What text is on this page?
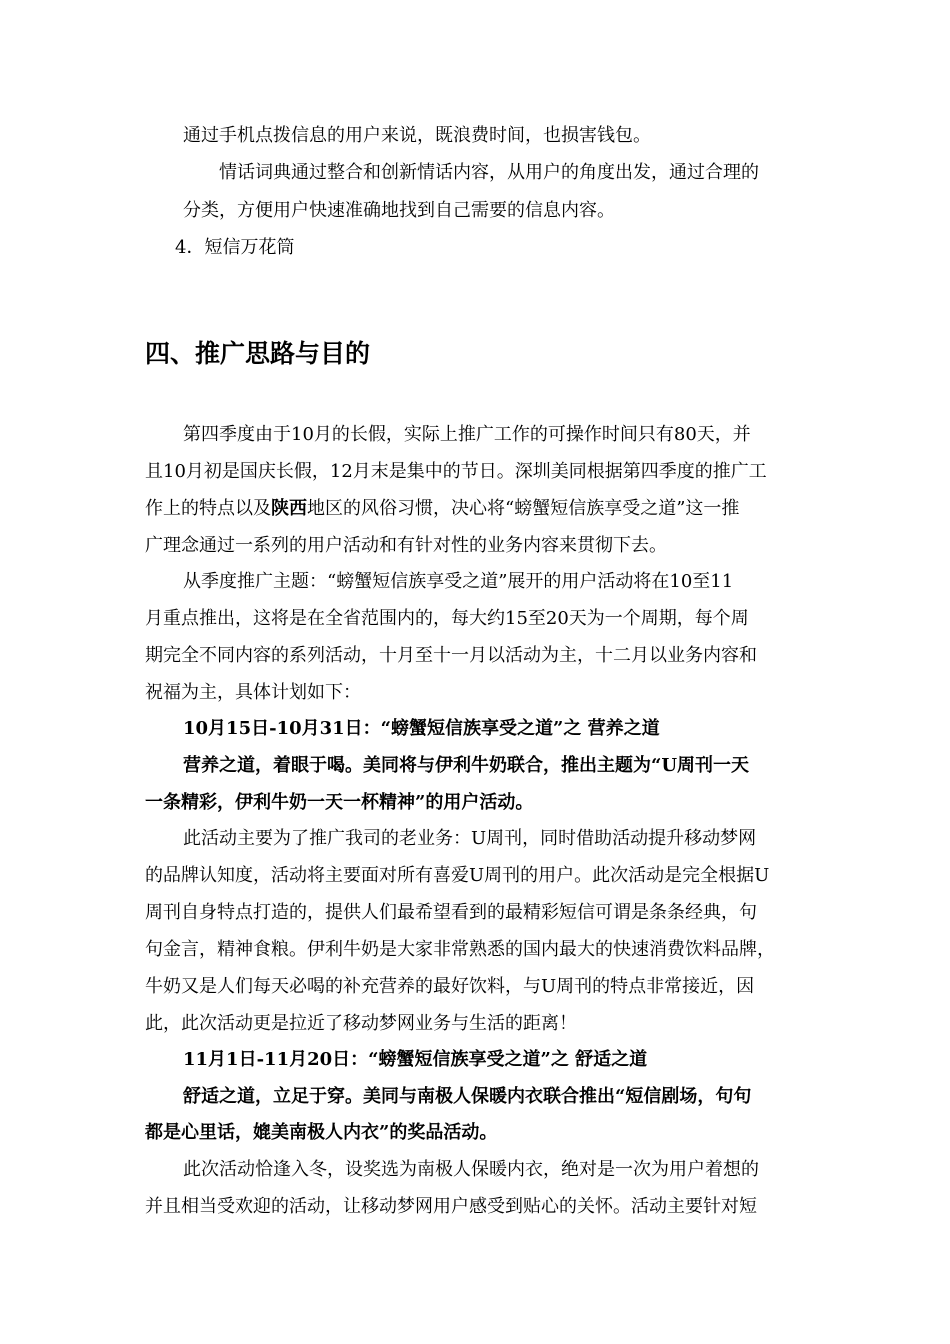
通过手机点拨信息的用户来说，既浪费时间，也损害钱包。
情话词典通过整合和创新情话内容，从用户的角度出发，通过合理的
分类，方便用户快速准确地找到自己需要的信息内容。
4．短信万花筒
四、推广思路与目的
第四季度由于10月的长假，实际上推广工作的可操作时间只有80天，并
且10月初是国庆长假，12月末是集中的节日。深圳美同根据第四季度的推广工
作上的特点以及陕西地区的风俗习惯，决心将“螃蟹短信族享受之道”这一推
广理念通过一系列的用户活动和有针对性的业务内容来贯彻下去。
从季度推广主题：“螃蟹短信族享受之道”展开的用户活动将在10至11
月重点推出，这将是在全省范围内的，每大约15至20天为一个周期，每个周
期完全不同内容的系列活动，十月至十一月以活动为主，十二月以业务内容和
祝福为主，具体计划如下：
10月15日-10月31日：“螃蟹短信族享受之道”之 营养之道
营养之道，着眼于喝。美同将与伊利牛奶联合，推出主题为“U周刊一天
一条精彩，伊利牛奶一天一杯精神”的用户活动。
此活动主要为了推广我司的老业务：U周刊，同时借助活动提升移动梦网
的品牌认知度，活动将主要面对所有喜爱U周刊的用户。此次活动是完全根据U
周刊自身特点打造的，提供人们最希望看到的最精彩短信可谓是条条经典，句
句金言，精神食粮。伊利牛奶是大家非常熟悉的国内最大的快速消费饮料品牌，
牛奶又是人们每天必喝的补充营养的最好饮料，与U周刊的特点非常接近，因
此，此次活动更是拉近了移动梦网业务与生活的距离！
11月1日-11月20日：“螃蟹短信族享受之道”之 舒适之道
舒适之道，立足于穿。美同与南极人保暖内衣联合推出“短信剧场，句句
都是心里话，媲美南极人内衣”的奖品活动。
此次活动恰逢入冬，设奖选为南极人保暖内衣，绝对是一次为用户着想的
并且相当受欢迎的活动，让移动梦网用户感受到贴心的关怀。活动主要针对短
